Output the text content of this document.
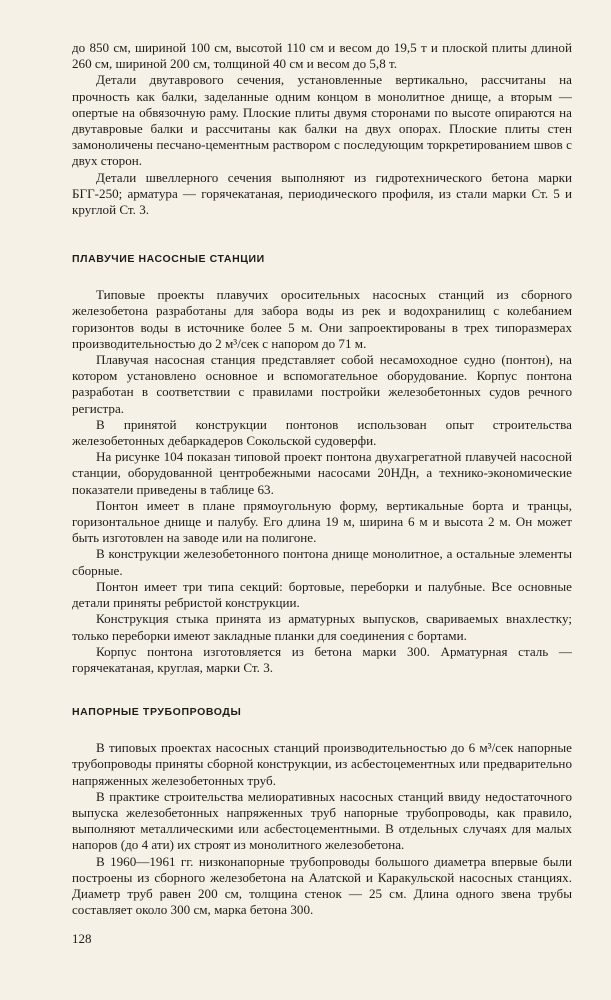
до 850 см, шириной 100 см, высотой 110 см и весом до 19,5 т и плоской плиты длиной 260 см, шириной 200 см, толщиной 40 см и весом до 5,8 т.

Детали двутаврового сечения, установленные вертикально, рассчитаны на прочность как балки, заделанные одним концом в монолитное днище, а вторым — опертые на обвязочную раму. Плоские плиты двумя сторонами по высоте опираются на двутавровые балки и рассчитаны как балки на двух опорах. Плоские плиты стен замоноличены песчано-цементным раствором с последующим торкретированием швов с двух сторон.

Детали швеллерного сечения выполняют из гидротехнического бетона марки БГГ-250; арматура — горячекатаная, периодического профиля, из стали марки Ст. 5 и круглой Ст. 3.

ПЛАВУЧИЕ НАСОСНЫЕ СТАНЦИИ

Типовые проекты плавучих оросительных насосных станций из сборного железобетона разработаны для забора воды из рек и водохранилищ с колебанием горизонтов воды в источнике более 5 м. Они запроектированы в трех типоразмерах производительностью до 2 м³/сек с напором до 71 м.

Плавучая насосная станция представляет собой несамоходное судно (понтон), на котором установлено основное и вспомогательное оборудование. Корпус понтона разработан в соответствии с правилами постройки железобетонных судов речного регистра.

В принятой конструкции понтонов использован опыт строительства железобетонных дебаркадеров Сокольской судоверфи.

На рисунке 104 показан типовой проект понтона двухагрегатной плавучей насосной станции, оборудованной центробежными насосами 20НДн, а технико-экономические показатели приведены в таблице 63.

Понтон имеет в плане прямоугольную форму, вертикальные борта и транцы, горизонтальное днище и палубу. Его длина 19 м, ширина 6 м и высота 2 м. Он может быть изготовлен на заводе или на полигоне.

В конструкции железобетонного понтона днище монолитное, а остальные элементы сборные.

Понтон имеет три типа секций: бортовые, переборки и палубные. Все основные детали приняты ребристой конструкции.

Конструкция стыка принята из арматурных выпусков, свариваемых внахлестку; только переборки имеют закладные планки для соединения с бортами.

Корпус понтона изготовляется из бетона марки 300. Арматурная сталь — горячекатаная, круглая, марки Ст. 3.

НАПОРНЫЕ ТРУБОПРОВОДЫ

В типовых проектах насосных станций производительностью до 6 м³/сек напорные трубопроводы приняты сборной конструкции, из асбестоцементных или предварительно напряженных железобетонных труб.

В практике строительства мелиоративных насосных станций ввиду недостаточного выпуска железобетонных напряженных труб напорные трубопроводы, как правило, выполняют металлическими или асбестоцементными. В отдельных случаях для малых напоров (до 4 ати) их строят из монолитного железобетона.

В 1960—1961 гг. низконапорные трубопроводы большого диаметра впервые были построены из сборного железобетона на Алатской и Каракульской насосных станциях. Диаметр труб равен 200 см, толщина стенок — 25 см. Длина одного звена трубы составляет около 300 см, марка бетона 300.

128
